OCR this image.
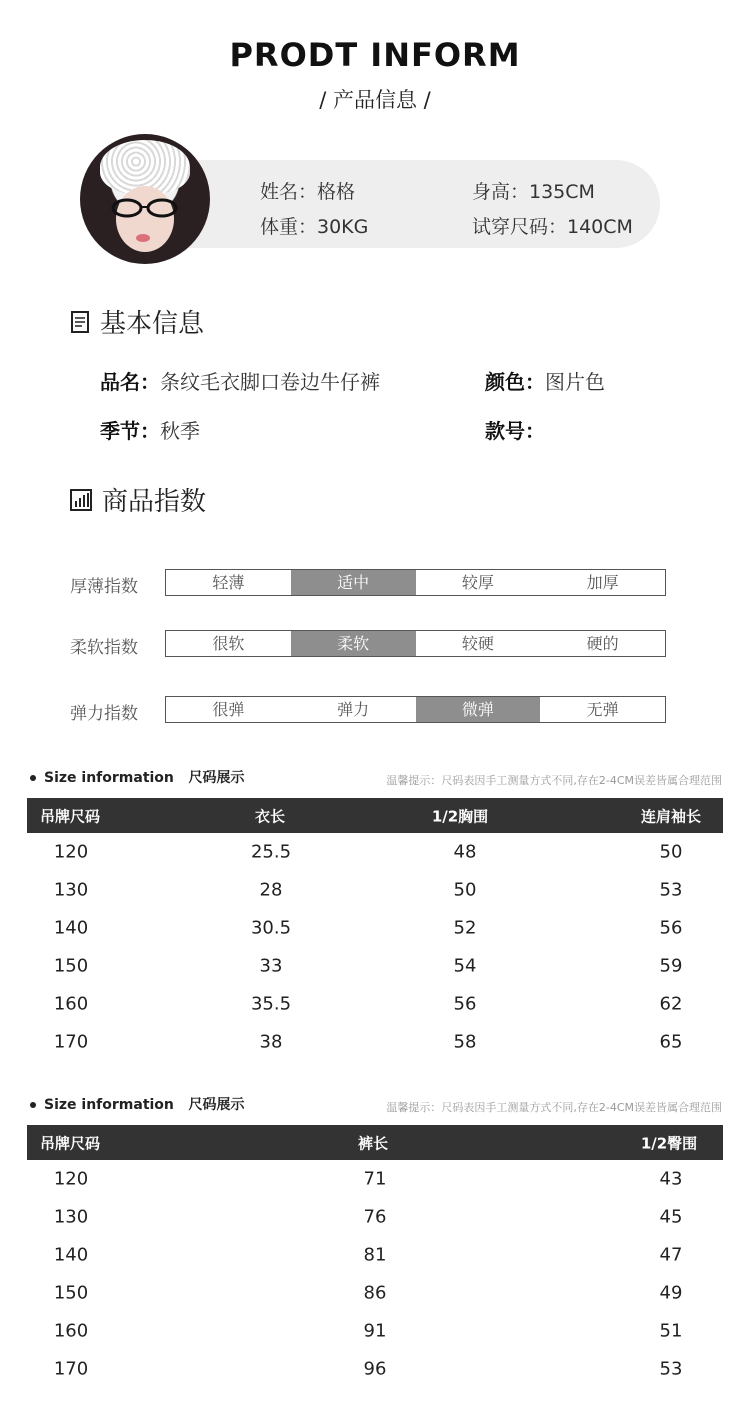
PRODT INFORM
/ 产品信息 /
姓名：格格	身高：135CM
体重：30KG	试穿尺码：140CM
基本信息
品名：条纹毛衣脚口卷边牛仔裤	颜色：图片色
季节：秋季	款号：
商品指数
厚薄指数	轻薄	适中	较厚	加厚
柔软指数	很软	柔软	较硬	硬的
弹力指数	很弹	弹力	微弹	无弹
Size information 尺码展示	温馨提示：尺码表因手工测量方式不同,存在2-4CM误差皆属合理范围
吊牌尺码	衣长	1/2胸围	连肩袖长
120	25.5	48	50
130	28	50	53
140	30.5	52	56
150	33	54	59
160	35.5	56	62
170	38	58	65
Size information 尺码展示	温馨提示：尺码表因手工测量方式不同,存在2-4CM误差皆属合理范围
吊牌尺码	裤长	1/2臀围
120	71	43
130	76	45
140	81	47
150	86	49
160	91	51
170	96	53
